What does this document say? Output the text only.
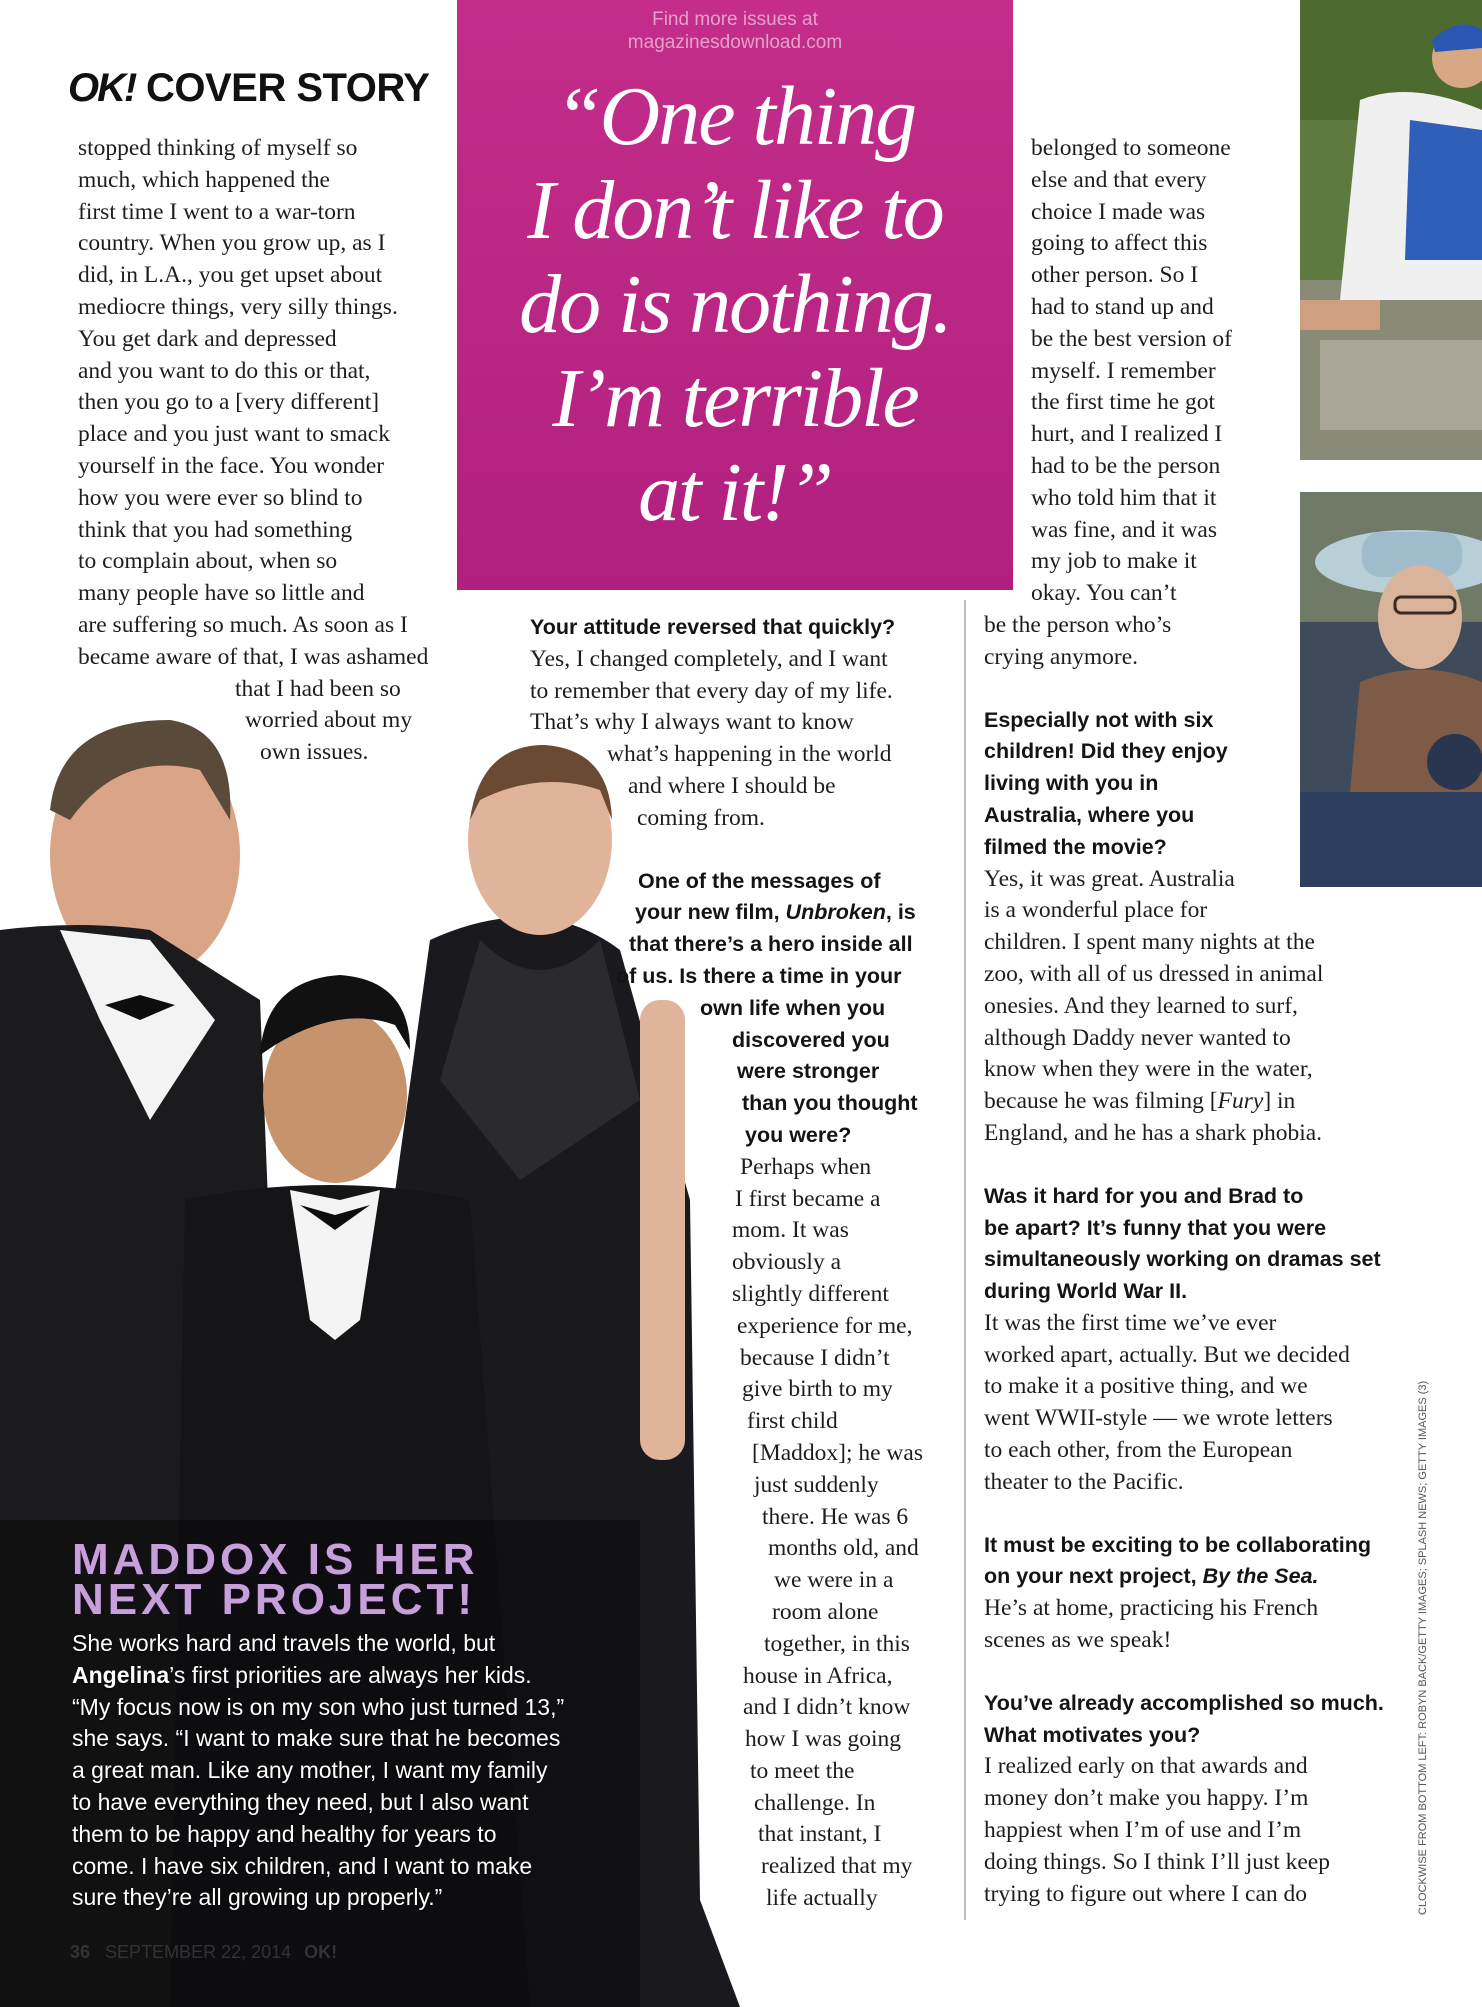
OK! COVER STORY
Find more issues at
magazinesdownload.com
“One thing
I don’t like to
do is nothing.
I’m terrible
at it!”
stopped thinking of myself so
much, which happened the
first time I went to a war-torn
country. When you grow up, as I
did, in L.A., you get upset about
mediocre things, very silly things.
You get dark and depressed
and you want to do this or that,
then you go to a [very different]
place and you just want to smack
yourself in the face. You wonder
how you were ever so blind to
think that you had something
to complain about, when so
many people have so little and
are suffering so much. As soon as I
became aware of that, I was ashamed
that I had been so
worried about my
own issues.
Your attitude reversed that quickly?
Yes, I changed completely, and I want
to remember that every day of my life.
That’s why I always want to know
what’s happening in the world
and where I should be
coming from.
One of the messages of
your new film, Unbroken, is
that there’s a hero inside all
of us. Is there a time in your
own life when you
discovered you
were stronger
than you thought
you were?
Perhaps when
I first became a
mom. It was
obviously a
slightly different
experience for me,
because I didn’t
give birth to my
first child
[Maddox]; he was
just suddenly
there. He was 6
months old, and
we were in a
room alone
together, in this
house in Africa,
and I didn’t know
how I was going
to meet the
challenge. In
that instant, I
realized that my
life actually
belonged to someone
else and that every
choice I made was
going to affect this
other person. So I
had to stand up and
be the best version of
myself. I remember
the first time he got
hurt, and I realized I
had to be the person
who told him that it
was fine, and it was
my job to make it
okay. You can’t
be the person who’s
crying anymore.
Especially not with six
children! Did they enjoy
living with you in
Australia, where you
filmed the movie?
Yes, it was great. Australia
is a wonderful place for
children. I spent many nights at the
zoo, with all of us dressed in animal
onesies. And they learned to surf,
although Daddy never wanted to
know when they were in the water,
because he was filming [Fury] in
England, and he has a shark phobia.
Was it hard for you and Brad to
be apart? It’s funny that you were
simultaneously working on dramas set
during World War II.
It was the first time we’ve ever
worked apart, actually. But we decided
to make it a positive thing, and we
went WWII-style — we wrote letters
to each other, from the European
theater to the Pacific.
It must be exciting to be collaborating
on your next project, By the Sea.
He’s at home, practicing his French
scenes as we speak!
You’ve already accomplished so much.
What motivates you?
I realized early on that awards and
money don’t make you happy. I’m
happiest when I’m of use and I’m
doing things. So I think I’ll just keep
trying to figure out where I can do
MADDOX IS HER
NEXT PROJECT!
She works hard and travels the world, but
Angelina’s first priorities are always her kids.
“My focus now is on my son who just turned 13,”
she says. “I want to make sure that he becomes
a great man. Like any mother, I want my family
to have everything they need, but I also want
them to be happy and healthy for years to
come. I have six children, and I want to make
sure they’re all growing up properly.”
36 SEPTEMBER 22, 2014 OK!
CLOCKWISE FROM BOTTOM LEFT: ROBYN BACK/GETTY IMAGES; SPLASH NEWS; GETTY IMAGES (3)
